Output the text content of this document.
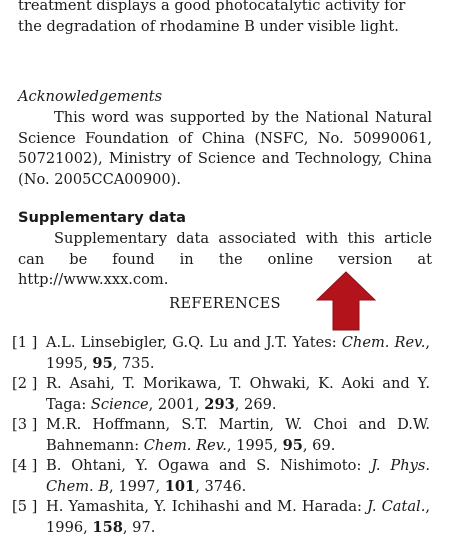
treatment displays a good photocatalytic activity for
the degradation of rhodamine B under visible light.

Acknowledgements

This word was supported by the National Natural Science Foundation of China (NSFC, No. 50990061, 50721002), Ministry of Science and Technology, China (No. 2005CCA00900).

Supplementary data

Supplementary data associated with this article can be found in the online version at http://www.xxx.com.

REFERENCES

[1 ] A.L. Linsebigler, G.Q. Lu and J.T. Yates: Chem. Rev., 1995, 95, 735.
[2 ] R. Asahi, T. Morikawa, T. Ohwaki, K. Aoki and Y. Taga: Science, 2001, 293, 269.
[3 ] M.R. Hoffmann, S.T. Martin, W. Choi and D.W. Bahnemann: Chem. Rev., 1995, 95, 69.
[4 ] B. Ohtani, Y. Ogawa and S. Nishimoto: J. Phys. Chem. B, 1997, 101, 3746.
[5 ] H. Yamashita, Y. Ichihashi and M. Harada: J. Catal., 1996, 158, 97.
